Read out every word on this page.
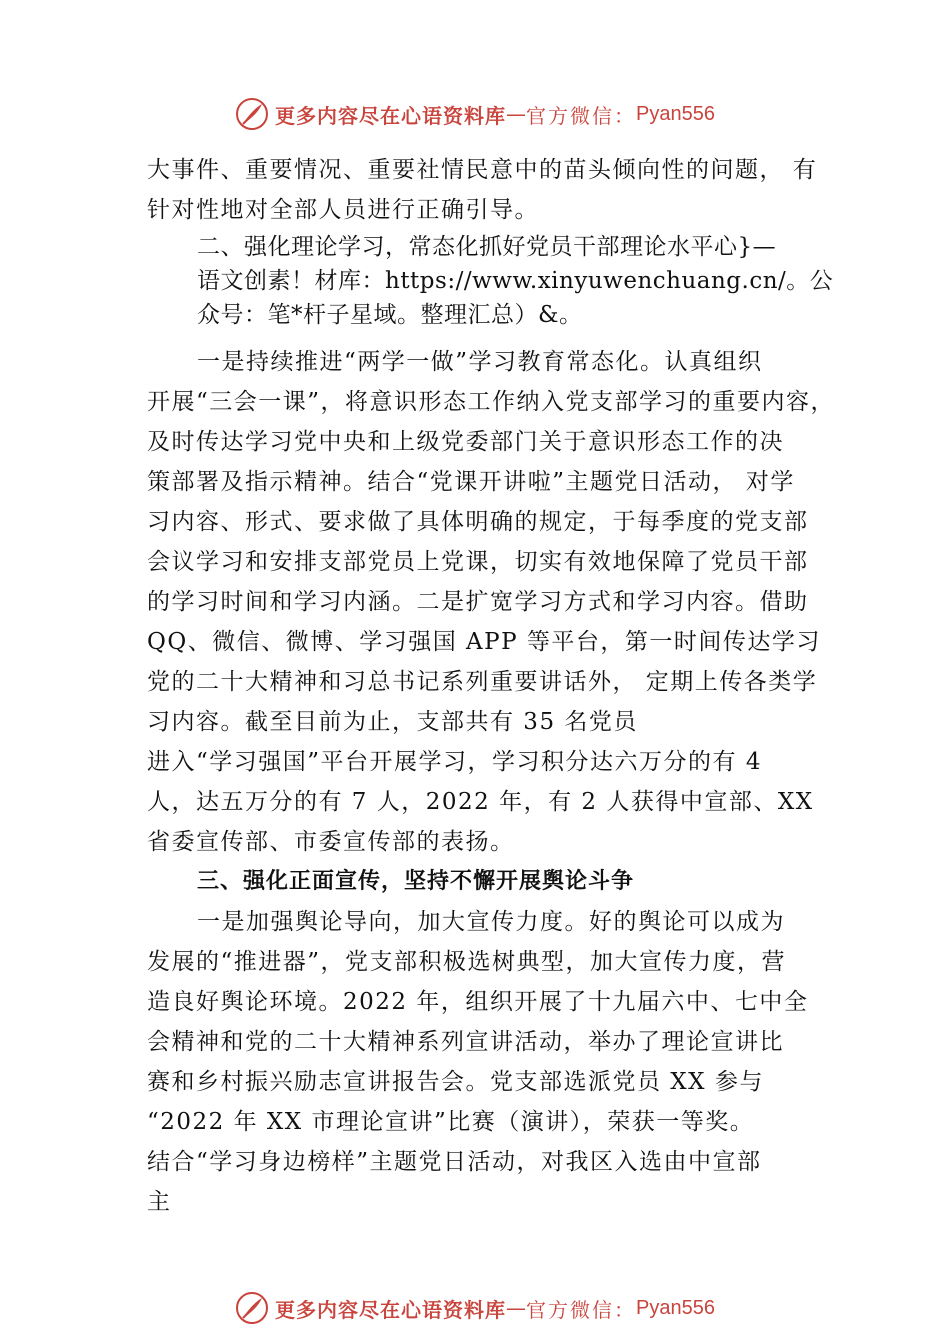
更多内容尽在心语资料库 — 官方微信： Pyan556
大事件、重要情况、重要社情民意中的苗头倾向性的问题， 有
针对性地对全部人员进行正确引导。
二、强化理论学习，常态化抓好党员干部理论水平心}—
语文创素！材库：https://www.xinyuwenchuang.cn/。公
众号：笔*杆子星域。整理汇总）&。
一是持续推进“两学一做”学习教育常态化。认真组织
开展“三会一课”，将意识形态工作纳入党支部学习的重要内容，
及时传达学习党中央和上级党委部门关于意识形态工作的决
策部署及指示精神。结合“党课开讲啦”主题党日活动， 对学
习内容、形式、要求做了具体明确的规定，于每季度的党支部
会议学习和安排支部党员上党课，切实有效地保障了党员干部
的学习时间和学习内涵。二是扩宽学习方式和学习内容。借助
QQ、微信、微博、学习强国 APP 等平台，第一时间传达学习
党的二十大精神和习总书记系列重要讲话外， 定期上传各类学
习内容。截至目前为止，支部共有 35 名党员
进入“学习强国”平台开展学习，学习积分达六万分的有 4
人，达五万分的有 7 人，2022 年，有 2 人获得中宣部、XX
省委宣传部、市委宣传部的表扬。
三、强化正面宣传，坚持不懈开展舆论斗争
一是加强舆论导向，加大宣传力度。好的舆论可以成为
发展的“推进器”，党支部积极选树典型，加大宣传力度，营
造良好舆论环境。2022 年，组织开展了十九届六中、七中全
会精神和党的二十大精神系列宣讲活动，举办了理论宣讲比
赛和乡村振兴励志宣讲报告会。党支部选派党员 XX 参与
“2022 年 XX 市理论宣讲”比赛（演讲），荣获一等奖。
结合“学习身边榜样”主题党日活动，对我区入选由中宣部
主
更多内容尽在心语资料库 — 官方微信： Pyan556
